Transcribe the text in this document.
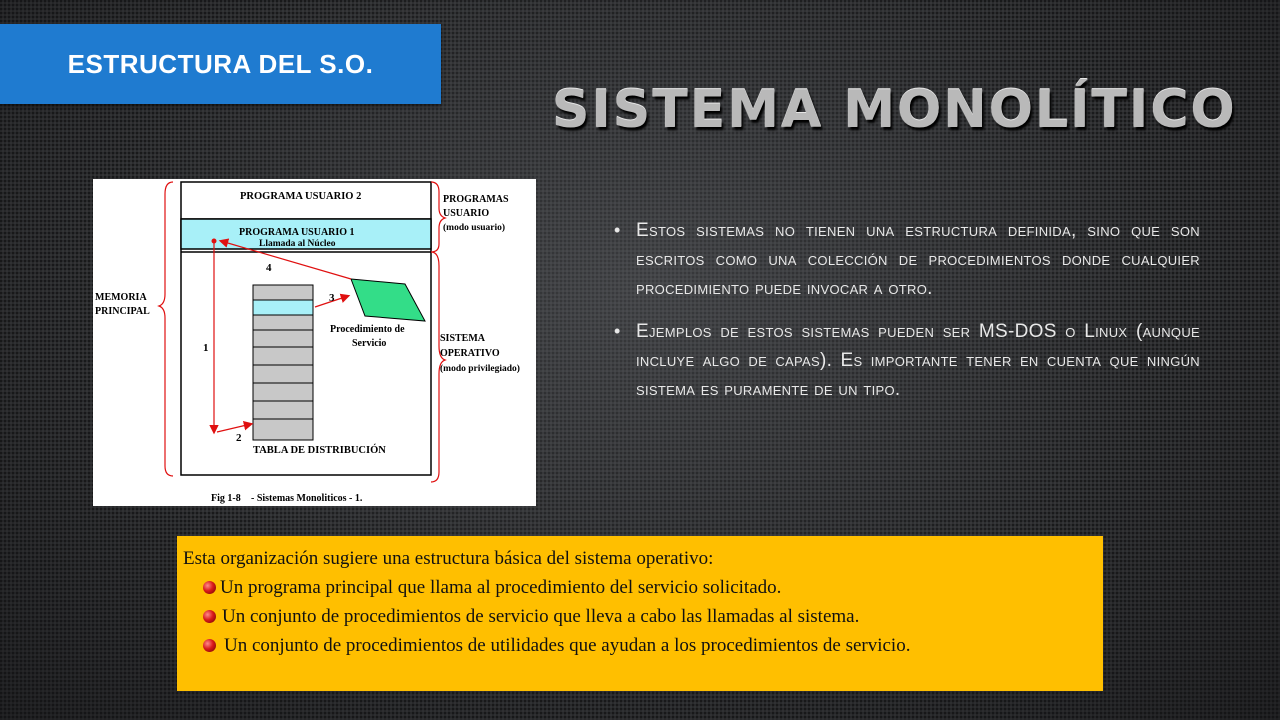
ESTRUCTURA DEL S.O.
SISTEMA MONOLÍTICO
PROGRAMA USUARIO 2
PROGRAMA USUARIO 1
Llamada al Núcleo
PROGRAMAS
USUARIO
(modo usuario)
MEMORIA
PRINCIPAL
SISTEMA
OPERATIVO
(modo privilegiado)
Procedimiento de
Servicio
TABLA DE DISTRIBUCIÓN
Fig 1-8 - Sistemas Monoliticos - 1.
1
2
3
4
• Estos sistemas no tienen una estructura definida, sino que son escritos como una colección de procedimientos donde cualquier procedimiento puede invocar a otro.
• Ejemplos de estos sistemas pueden ser MS-DOS o Linux (aunque incluye algo de capas). Es importante tener en cuenta que ningún sistema es puramente de un tipo.
Esta organización sugiere una estructura básica del sistema operativo:
Un programa principal que llama al procedimiento del servicio solicitado.
Un conjunto de procedimientos de servicio que lleva a cabo las llamadas al sistema.
Un conjunto de procedimientos de utilidades que ayudan a los procedimientos de servicio.
